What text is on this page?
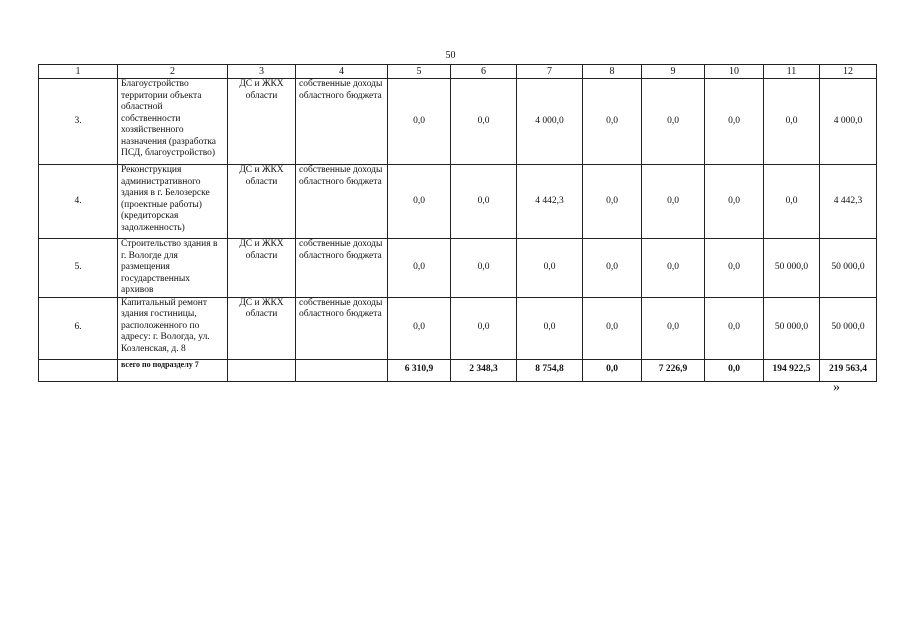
50
1	2	3	4	5	6	7	8	9	10	11	12
3.	Благоустройство территории объекта областной собственности хозяйственного назначения (разработка ПСД, благоустройство)	ДС и ЖКХ области	собственные доходы областного бюджета	0,0	0,0	4 000,0	0,0	0,0	0,0	0,0	4 000,0
4.	Реконструкция административного здания в г. Белозерске (проектные работы) (кредиторская задолженность)	ДС и ЖКХ области	собственные доходы областного бюджета	0,0	0,0	4 442,3	0,0	0,0	0,0	0,0	4 442,3
5.	Строительство здания в г. Вологде для размещения государственных архивов	ДС и ЖКХ области	собственные доходы областного бюджета	0,0	0,0	0,0	0,0	0,0	0,0	50 000,0	50 000,0
6.	Капитальный ремонт здания гостиницы, расположенного по адресу: г. Вологда, ул. Козленская, д. 8	ДС и ЖКХ области	собственные доходы областного бюджета	0,0	0,0	0,0	0,0	0,0	0,0	50 000,0	50 000,0
	всего по подразделу 7			6 310,9	2 348,3	8 754,8	0,0	7 226,9	0,0	194 922,5	219 563,4
»
